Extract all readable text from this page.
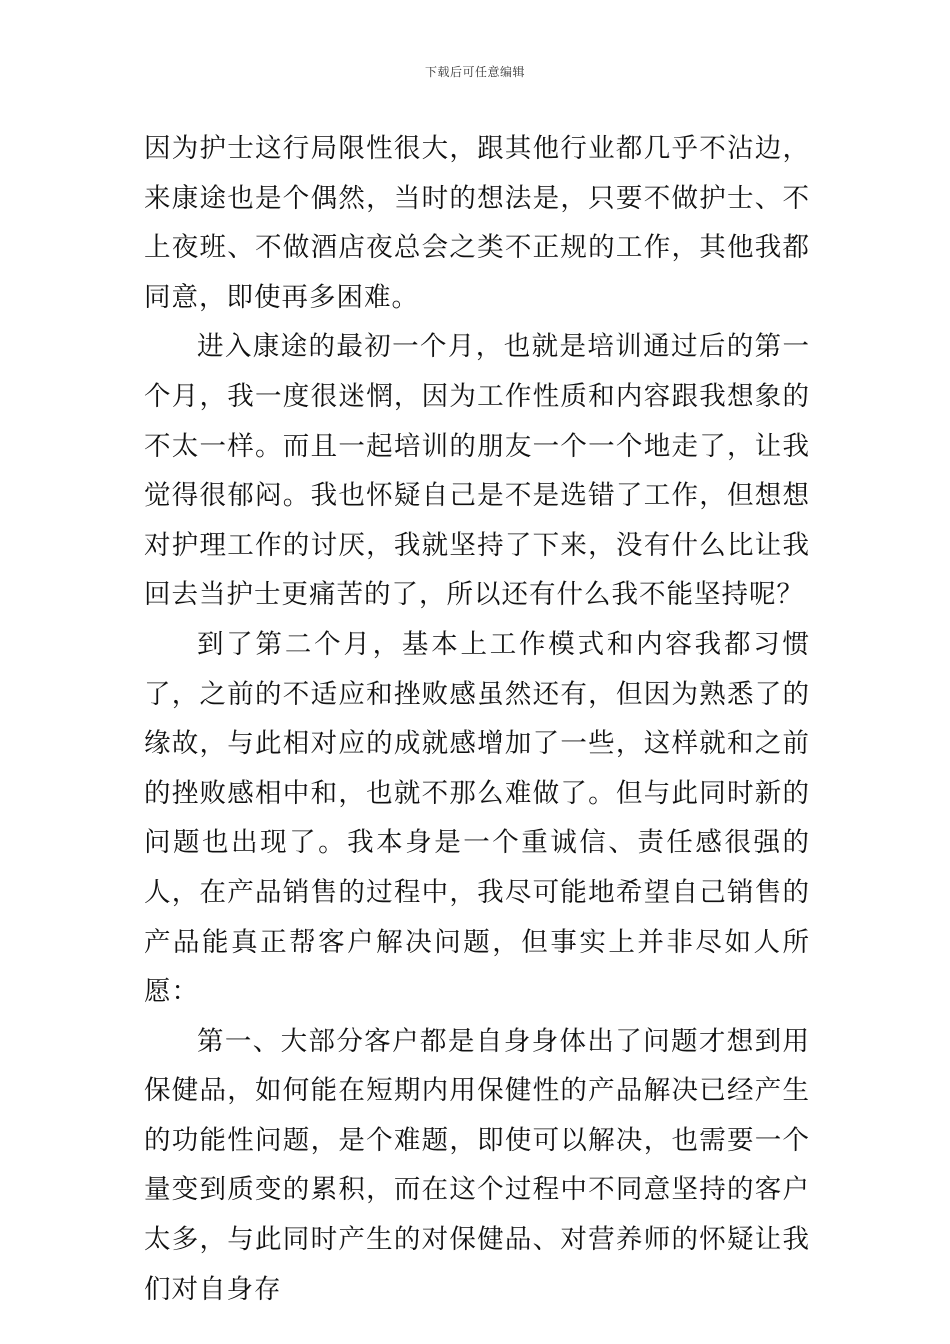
下载后可任意编辑

因为护士这行局限性很大，跟其他行业都几乎不沾边，来康途也是个偶然，当时的想法是，只要不做护士、不上夜班、不做酒店夜总会之类不正规的工作，其他我都同意，即使再多困难。

进入康途的最初一个月，也就是培训通过后的第一个月，我一度很迷惘，因为工作性质和内容跟我想象的不太一样。而且一起培训的朋友一个一个地走了，让我觉得很郁闷。我也怀疑自己是不是选错了工作，但想想对护理工作的讨厌，我就坚持了下来，没有什么比让我回去当护士更痛苦的了，所以还有什么我不能坚持呢？

到了第二个月，基本上工作模式和内容我都习惯了，之前的不适应和挫败感虽然还有，但因为熟悉了的缘故，与此相对应的成就感增加了一些，这样就和之前的挫败感相中和，也就不那么难做了。但与此同时新的问题也出现了。我本身是一个重诚信、责任感很强的人，在产品销售的过程中，我尽可能地希望自己销售的产品能真正帮客户解决问题，但事实上并非尽如人所愿：

第一、大部分客户都是自身身体出了问题才想到用保健品，如何能在短期内用保健性的产品解决已经产生的功能性问题，是个难题，即使可以解决，也需要一个量变到质变的累积，而在这个过程中不同意坚持的客户太多，与此同时产生的对保健品、对营养师的怀疑让我们对自身存
